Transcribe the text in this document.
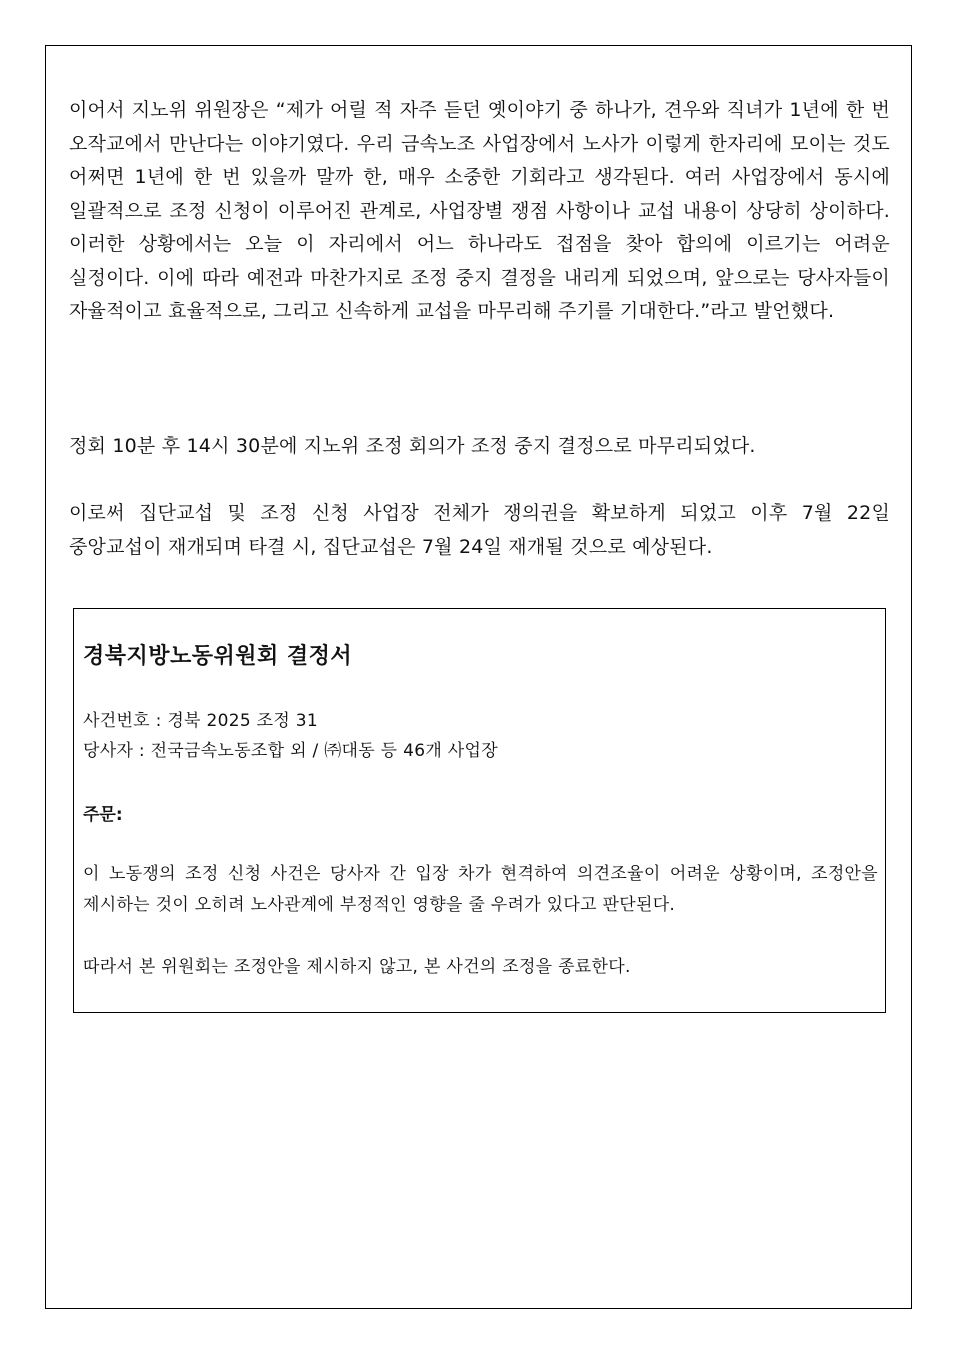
이어서 지노위 위원장은 “제가 어릴 적 자주 듣던 옛이야기 중 하나가, 견우와 직녀가 1년에 한 번 오작교에서 만난다는 이야기였다. 우리 금속노조 사업장에서 노사가 이렇게 한자리에 모이는 것도 어쩌면 1년에 한 번 있을까 말까 한, 매우 소중한 기회라고 생각된다. 여러 사업장에서 동시에 일괄적으로 조정 신청이 이루어진 관계로, 사업장별 쟁점 사항이나 교섭 내용이 상당히 상이하다. 이러한 상황에서는 오늘 이 자리에서 어느 하나라도 접점을 찾아 합의에 이르기는 어려운 실정이다. 이에 따라 예전과 마찬가지로 조정 중지 결정을 내리게 되었으며, 앞으로는 당사자들이 자율적이고 효율적으로, 그리고 신속하게 교섭을 마무리해 주기를 기대한다.”라고 발언했다.

정회 10분 후 14시 30분에 지노위 조정 회의가 조정 중지 결정으로 마무리되었다.

이로써 집단교섭 및 조정 신청 사업장 전체가 쟁의권을 확보하게 되었고 이후 7월 22일 중앙교섭이 재개되며 타결 시, 집단교섭은 7월 24일 재개될 것으로 예상된다.

경북지방노동위원회 결정서

사건번호 : 경북 2025 조정 31

당사자 : 전국금속노동조합 외 / ㈜대동 등 46개 사업장

주문:

이 노동쟁의 조정 신청 사건은 당사자 간 입장 차가 현격하여 의견조율이 어려운 상황이며, 조정안을 제시하는 것이 오히려 노사관계에 부정적인 영향을 줄 우려가 있다고 판단된다.

따라서 본 위원회는 조정안을 제시하지 않고, 본 사건의 조정을 종료한다.
